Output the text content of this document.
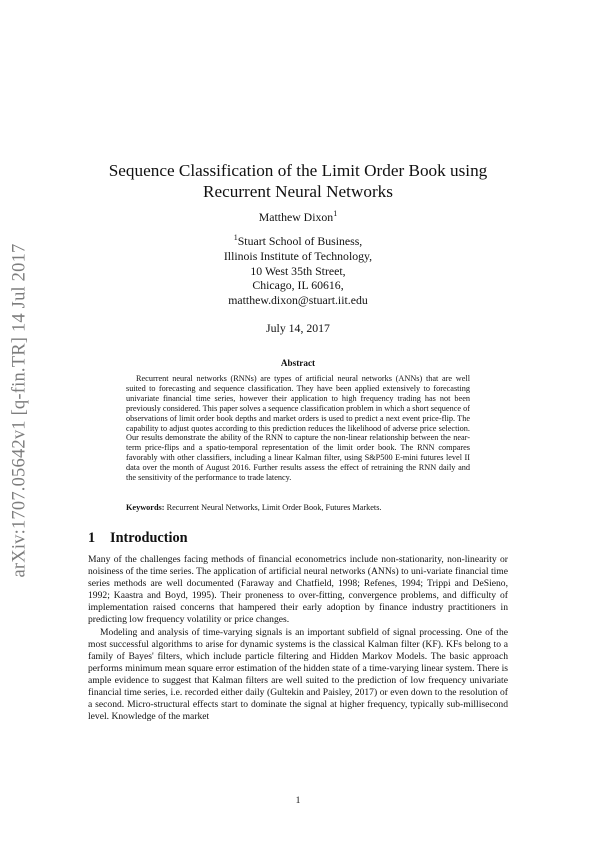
arXiv:1707.05642v1 [q-fin.TR] 14 Jul 2017
Sequence Classification of the Limit Order Book using
Recurrent Neural Networks
Matthew Dixon$^1$
$^1$Stuart School of Business,
Illinois Institute of Technology,
10 West 35th Street,
Chicago, IL 60616,
matthew.dixon@stuart.iit.edu
July 14, 2017
Abstract
Recurrent neural networks (RNNs) are types of artificial neural networks (ANNs) that are well suited to forecasting and sequence classification. They have been applied extensively to forecasting univariate financial time series, however their application to high frequency trading has not been previously considered. This paper solves a sequence classification problem in which a short sequence of observations of limit order book depths and market orders is used to predict a next event price-flip. The capability to adjust quotes according to this prediction reduces the likelihood of adverse price selection. Our results demonstrate the ability of the RNN to capture the non-linear relationship between the near-term price-flips and a spatio-temporal representation of the limit order book. The RNN compares favorably with other classifiers, including a linear Kalman filter, using S&P500 E-mini futures level II data over the month of August 2016. Further results assess the effect of retraining the RNN daily and the sensitivity of the performance to trade latency.
Keywords: Recurrent Neural Networks, Limit Order Book, Futures Markets.
1 Introduction

Many of the challenges facing methods of financial econometrics include non-stationarity, non-linearity or noisiness of the time series. The application of artificial neural networks (ANNs) to uni-variate financial time series methods are well documented (Faraway and Chatfield, 1998; Refenes, 1994; Trippi and DeSieno, 1992; Kaastra and Boyd, 1995). Their proneness to over-fitting, convergence problems, and difficulty of implementation raised concerns that hampered their early adoption by finance industry practitioners in predicting low frequency volatility or price changes.

Modeling and analysis of time-varying signals is an important subfield of signal processing. One of the most successful algorithms to arise for dynamic systems is the classical Kalman filter (KF). KFs belong to a family of Bayes' filters, which include particle filtering and Hidden Markov Models. The basic approach performs minimum mean square error estimation of the hidden state of a time-varying linear system. There is ample evidence to suggest that Kalman filters are well suited to the prediction of low frequency univariate financial time series, i.e. recorded either daily (Gultekin and Paisley, 2017) or even down to the resolution of a second. Micro-structural effects start to dominate the signal at higher frequency, typically sub-millisecond level. Knowledge of the market

1
